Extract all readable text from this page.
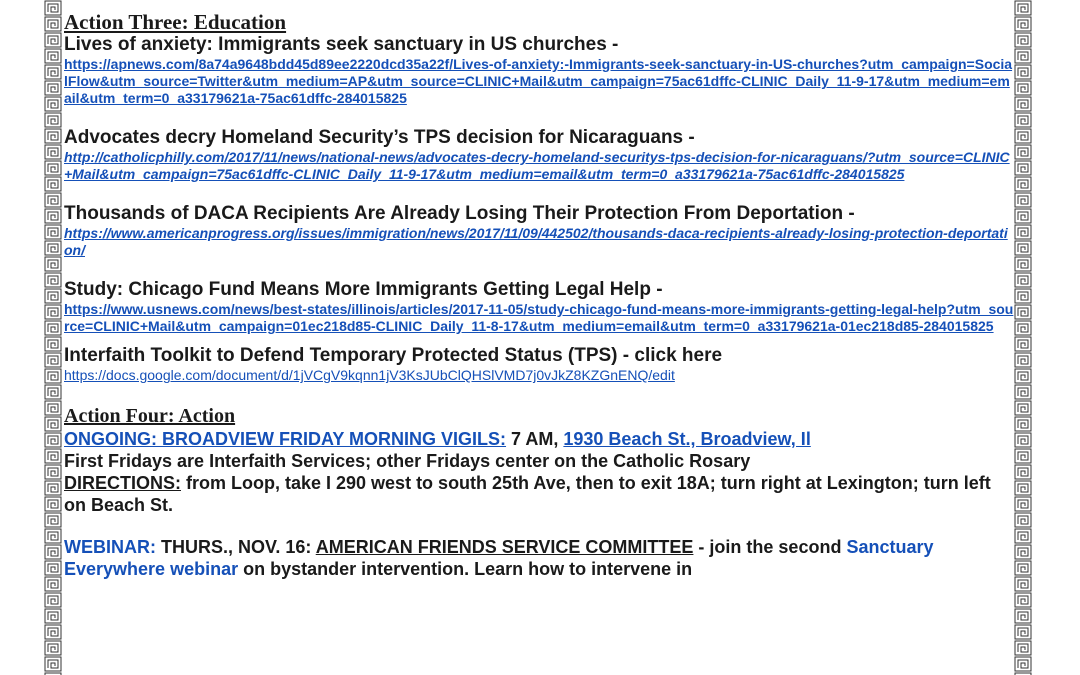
Action Three: Education

Lives of anxiety: Immigrants seek sanctuary in US churches -

https://apnews.com/8a74a9648bdd45d89ee2220dcd35a22f/Lives-of-anxiety:-Immigrants-seek-sanctuary-in-US-churches?utm_campaign=SocialFlow&utm_source=Twitter&utm_medium=AP&utm_source=CLINIC+Mail&utm_campaign=75ac61dffc-CLINIC_Daily_11-9-17&utm_medium=email&utm_term=0_a33179621a-75ac61dffc-284015825

Advocates decry Homeland Security’s TPS decision for Nicaraguans -

http://catholicphilly.com/2017/11/news/national-news/advocates-decry-homeland-securitys-tps-decision-for-nicaraguans/?utm_source=CLINIC+Mail&utm_campaign=75ac61dffc-CLINIC_Daily_11-9-17&utm_medium=email&utm_term=0_a33179621a-75ac61dffc-284015825

Thousands of DACA Recipients Are Already Losing Their Protection From Deportation -

https://www.americanprogress.org/issues/immigration/news/2017/11/09/442502/thousands-daca-recipients-already-losing-protection-deportation/

Study: Chicago Fund Means More Immigrants Getting Legal Help -

https://www.usnews.com/news/best-states/illinois/articles/2017-11-05/study-chicago-fund-means-more-immigrants-getting-legal-help?utm_source=CLINIC+Mail&utm_campaign=01ec218d85-CLINIC_Daily_11-8-17&utm_medium=email&utm_term=0_a33179621a-01ec218d85-284015825

Interfaith Toolkit to Defend Temporary Protected Status (TPS) - click here

https://docs.google.com/document/d/1jVCgV9kqnn1jV3KsJUbClQHSlVMD7j0vJkZ8KZGnENQ/edit

Action Four: Action

ONGOING: BROADVIEW FRIDAY MORNING VIGILS: 7 AM, 1930 Beach St., Broadview, Il

First Fridays are Interfaith Services; other Fridays center on the Catholic Rosary

DIRECTIONS: from Loop, take I 290 west to south 25th Ave, then to exit 18A; turn right at Lexington; turn left on Beach St.

WEBINAR: THURS., NOV. 16: AMERICAN FRIENDS SERVICE COMMITTEE - join the second Sanctuary Everywhere webinar on bystander intervention. Learn how to intervene in
